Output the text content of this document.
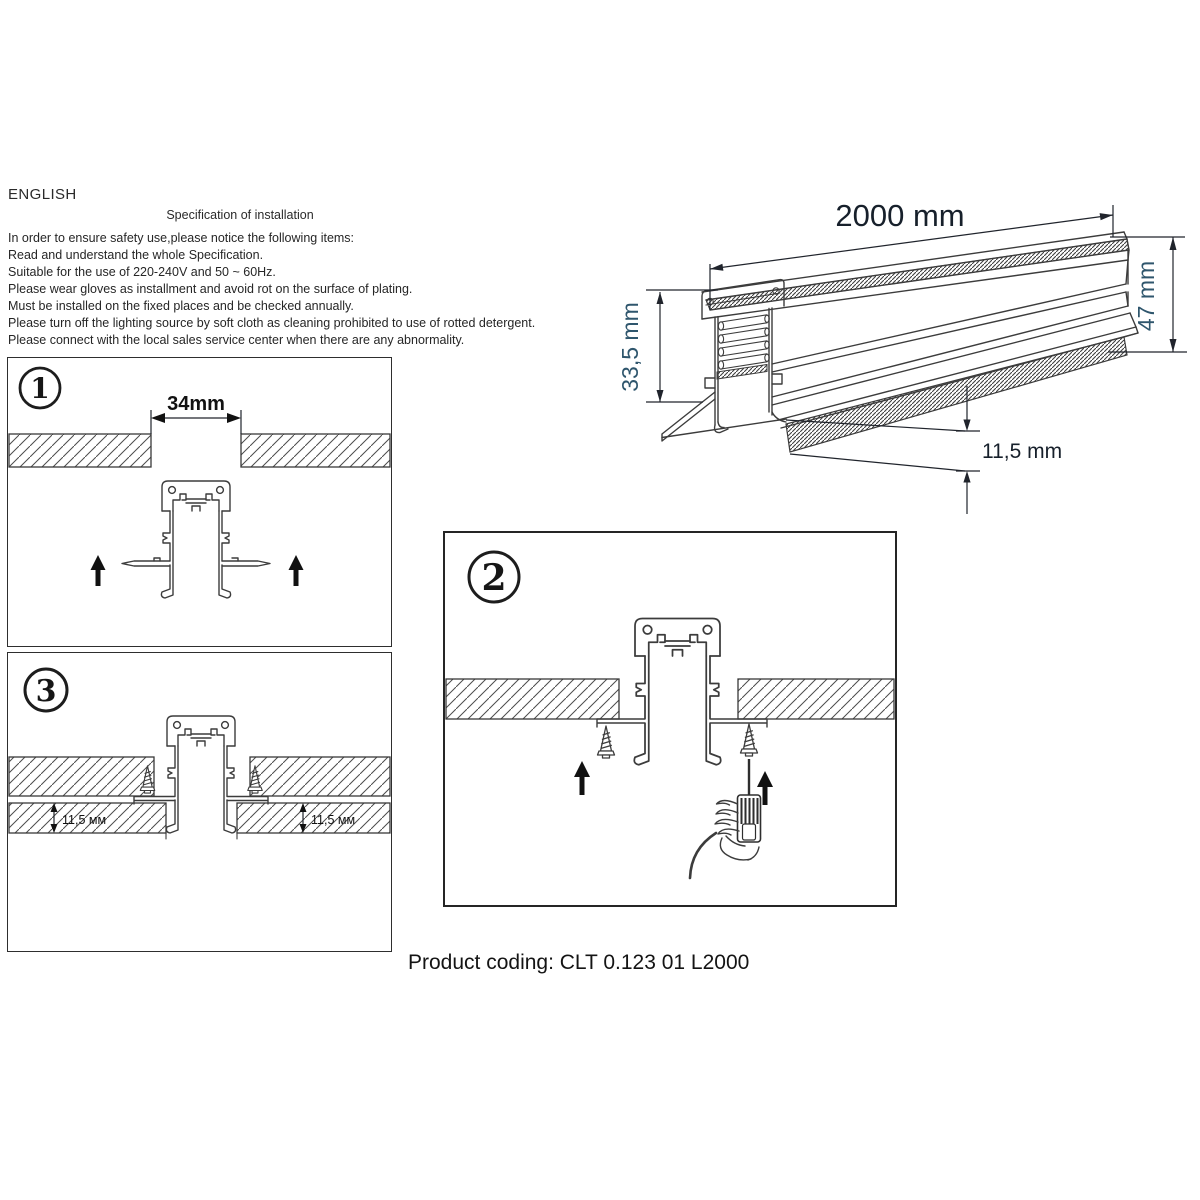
ENGLISH
Specification of installation
In order to ensure safety use,please notice the following items:
Read and understand the whole Specification.
Suitable for the use of 220-240V and 50 ~ 60Hz.
Please wear gloves as installment and avoid rot on the surface of plating.
Must be installed on the fixed places and be checked annually.
Please turn off the lighting source by soft cloth as cleaning prohibited to use of rotted detergent.
Please connect with the local sales service center when there are any abnormality.
2000 mm
33,5 mm
47 mm
11,5 mm
1	34mm
3
11,5 мм	11,5 мм
2
Product coding: CLT 0.123 01 L2000
